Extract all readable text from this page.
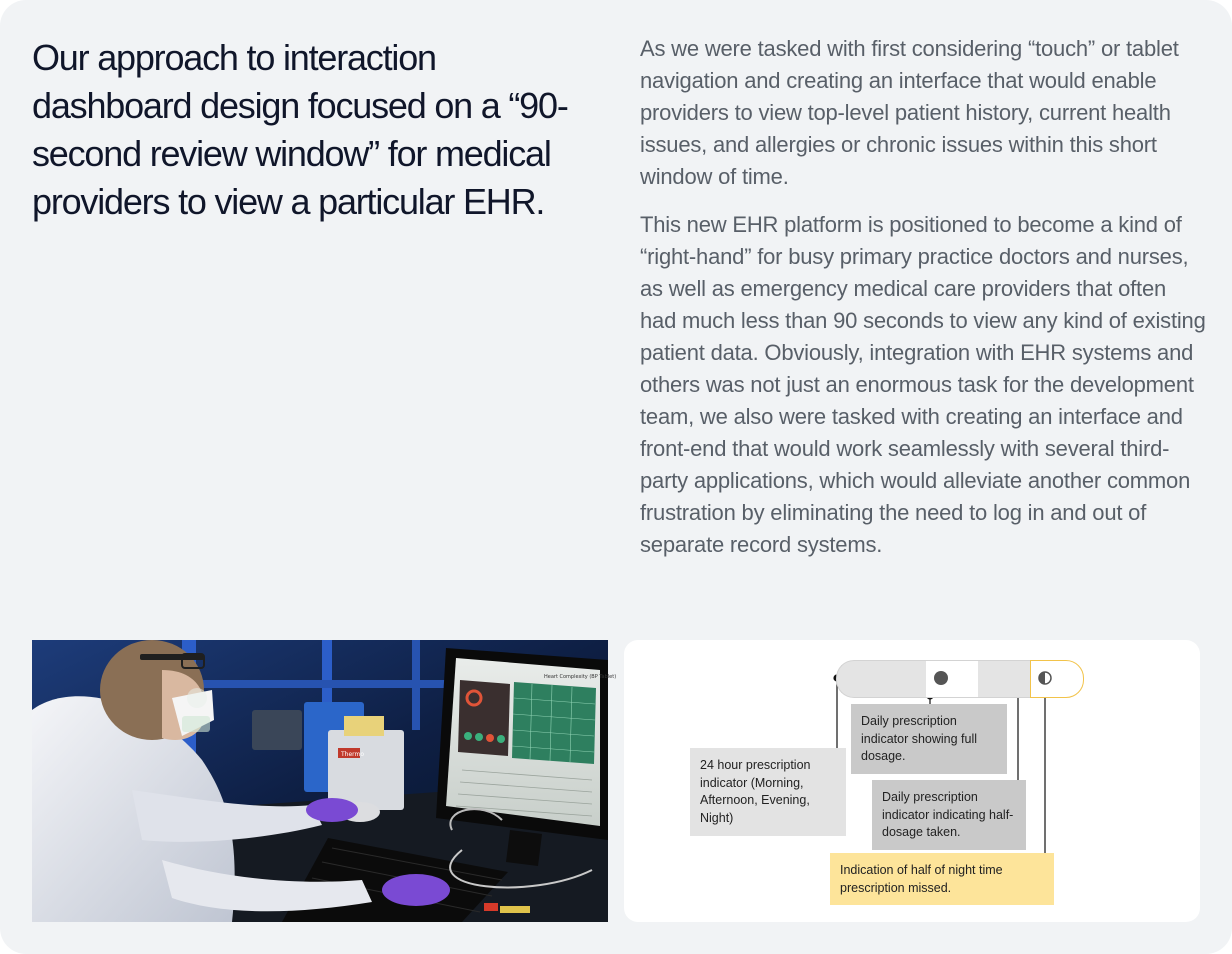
Our approach to interaction dashboard design focused on a “90-second review window” for medical providers to view a particular EHR.

As we were tasked with first considering “touch” or tablet navigation and creating an interface that would enable providers to view top-level patient history, current health issues, and allergies or chronic issues within this short window of time.

This new EHR platform is positioned to become a kind of “right-hand” for busy primary practice doctors and nurses, as well as emergency medical care providers that often had much less than 90 seconds to view any kind of existing patient data. Obviously, integration with EHR systems and others was not just an enormous task for the development team, we also were tasked with creating an interface and front-end that would work seamlessly with several third-party applications, which would alleviate another common frustration by eliminating the need to log in and out of separate record systems.

Thermo
Heart Complexity (BP Tablet)
24 hour prescription indicator (Morning, Afternoon, Evening, Night)
Daily prescription indicator showing full dosage.
Daily prescription indicator indicating half-dosage taken.
Indication of half of night time prescription missed.
